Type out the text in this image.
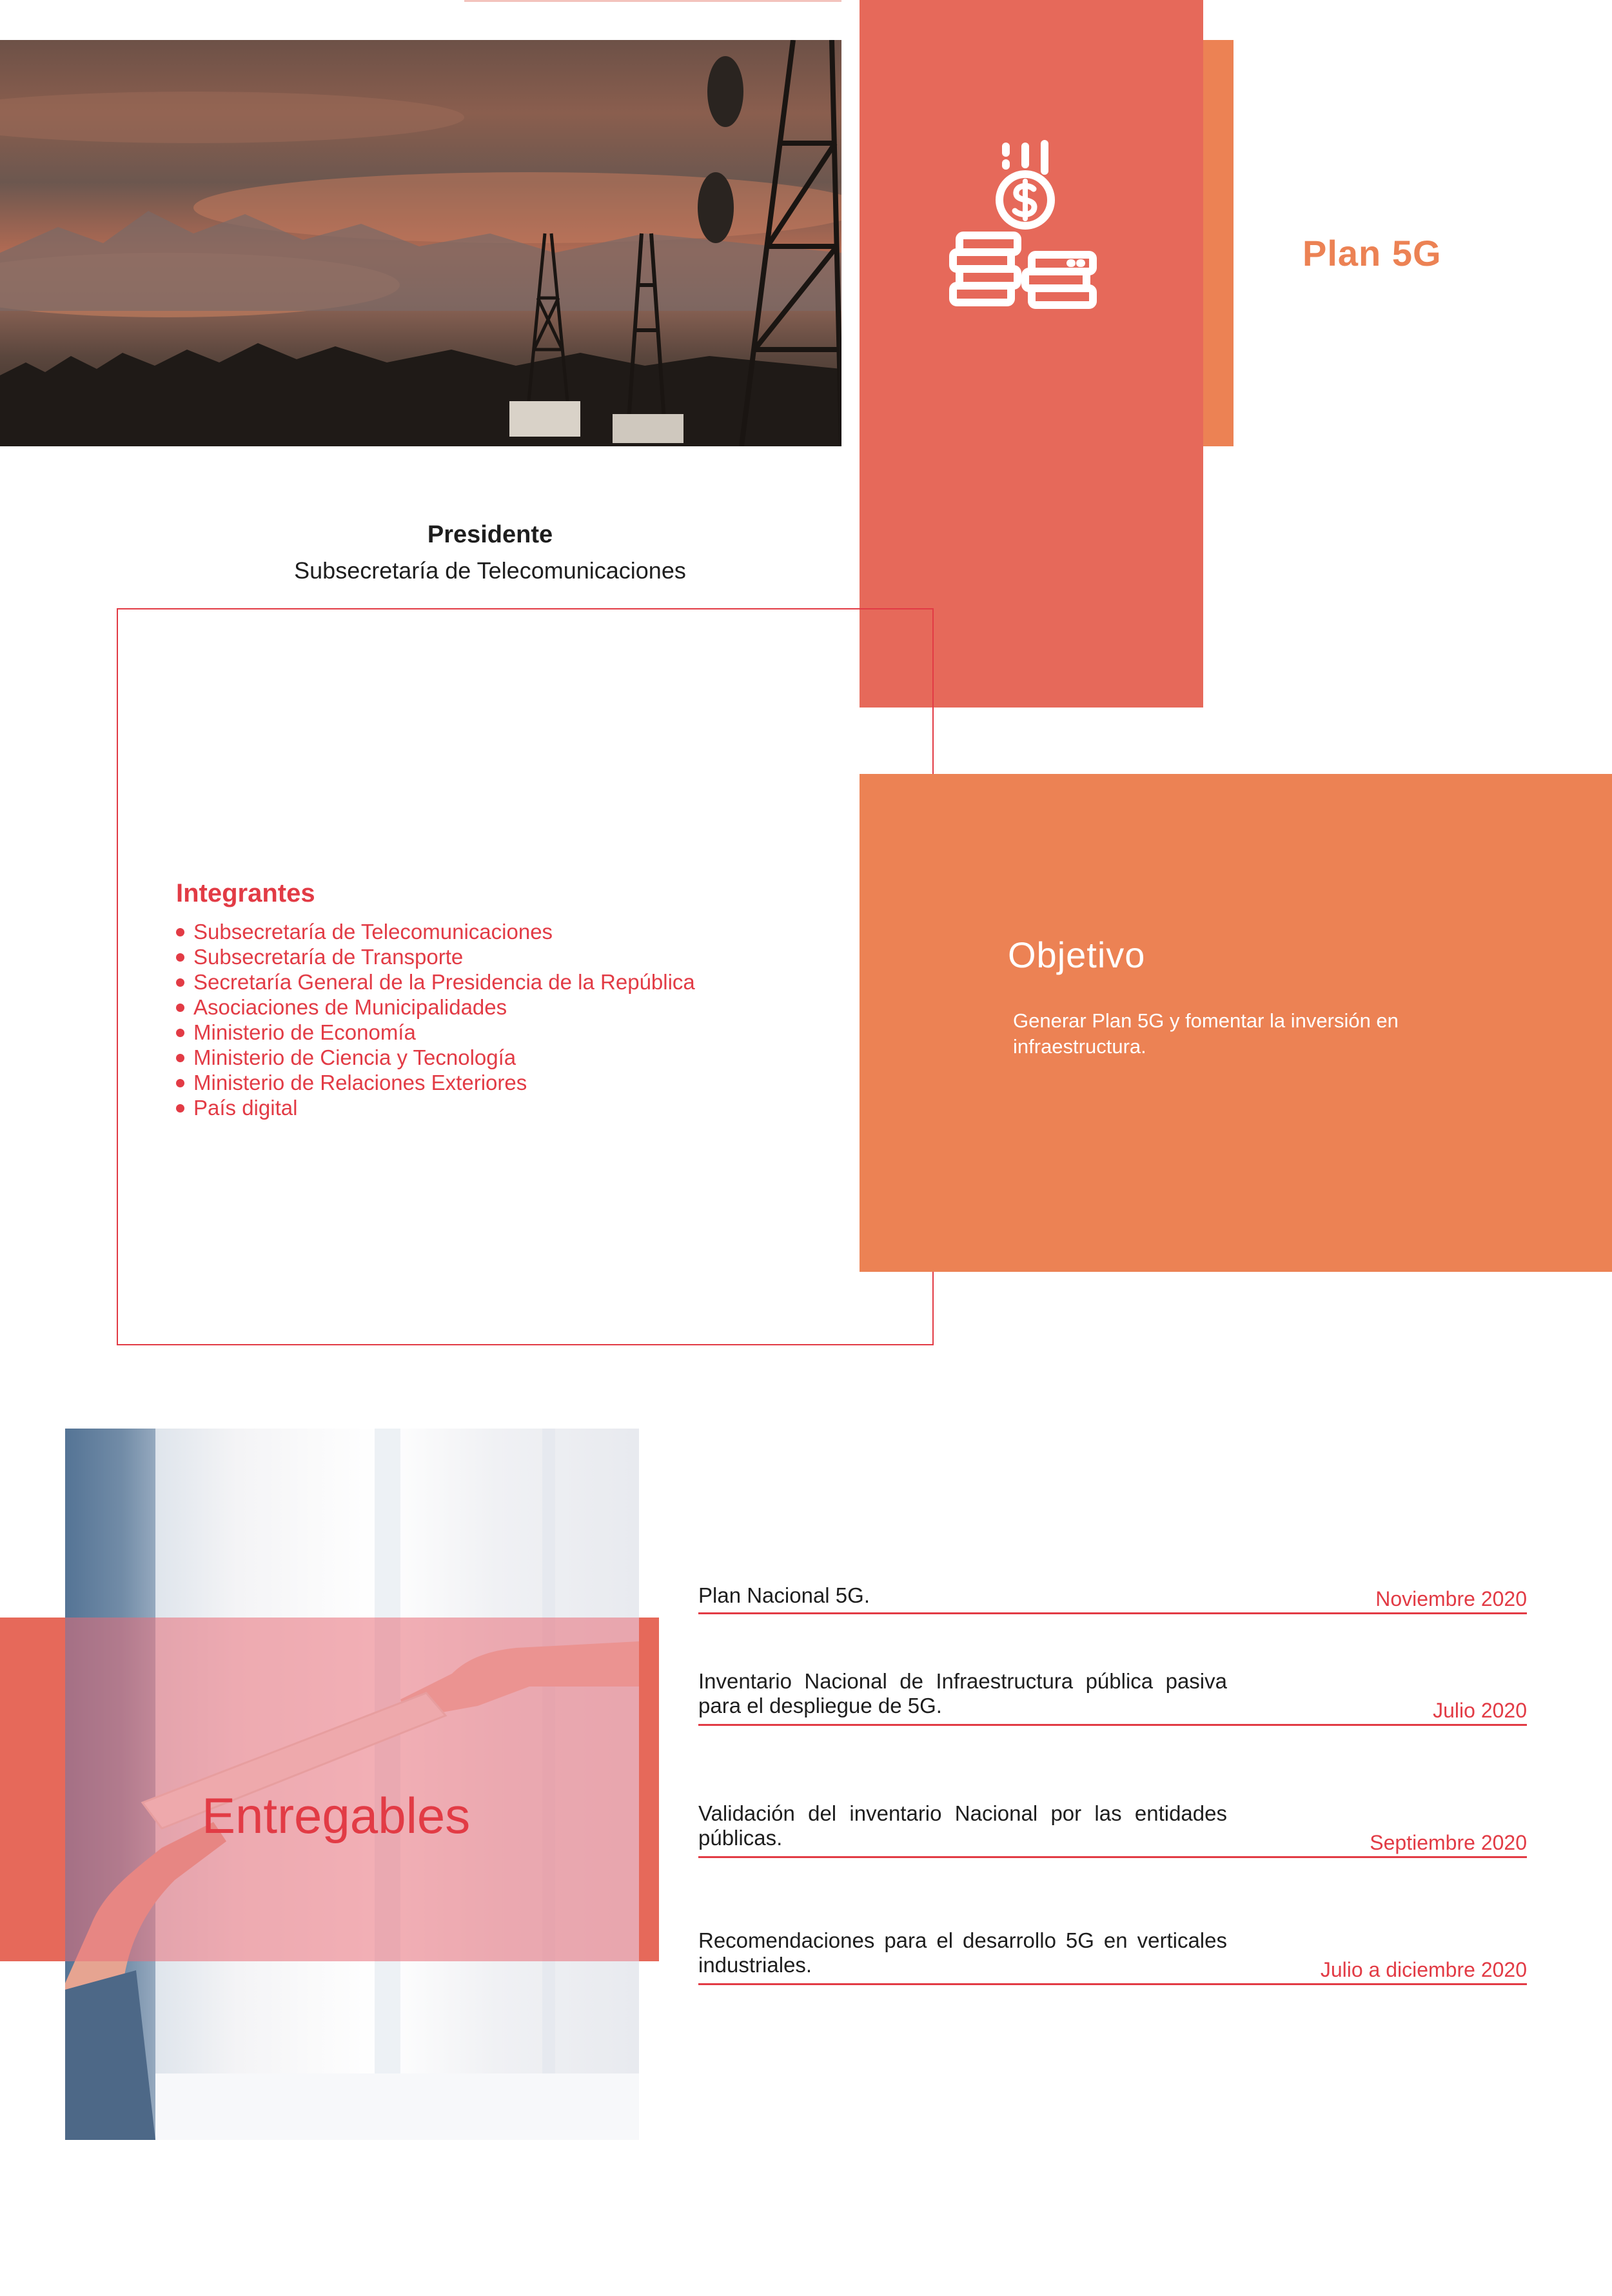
Plan 5G
Presidente
Subsecretaría de Telecomunicaciones
Integrantes
Subsecretaría de Telecomunicaciones
Subsecretaría de Transporte
Secretaría General de la Presidencia de la República
Asociaciones de Municipalidades
Ministerio de Economía
Ministerio de Ciencia y Tecnología
Ministerio de Relaciones Exteriores
País digital
Objetivo
Generar Plan 5G y fomentar la inversión en infraestructura.
Entregables
Plan Nacional 5G.	Noviembre 2020
Inventario Nacional de Infraestructura pública pasiva para el despliegue de 5G.	Julio 2020
Validación del inventario Nacional por las entidades públicas.	Septiembre 2020
Recomendaciones para el desarrollo 5G en verticales industriales.	Julio a diciembre 2020
